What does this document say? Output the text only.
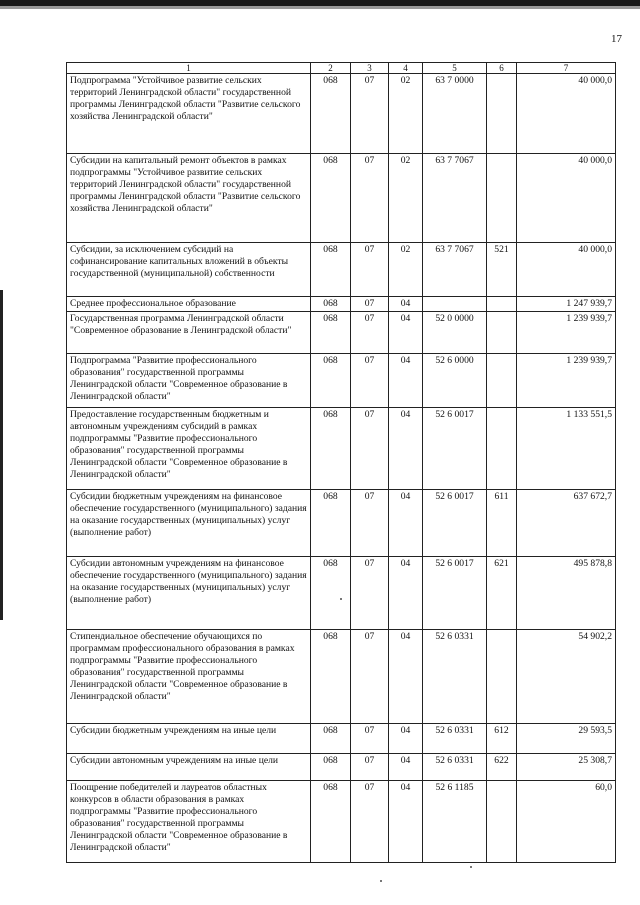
17
1	2	3	4	5	6	7
Подпрограмма "Устойчивое развитие сельских территорий Ленинградской области" государственной программы Ленинградской области "Развитие сельского хозяйства Ленинградской области"	068	07	02	63 7 0000		40 000,0
Субсидии на капитальный ремонт объектов в рамках подпрограммы "Устойчивое развитие сельских территорий Ленинградской области" государственной программы Ленинградской области "Развитие сельского хозяйства Ленинградской области"	068	07	02	63 7 7067		40 000,0
Субсидии, за исключением субсидий на софинансирование капитальных вложений в объекты государственной (муниципальной) собственности	068	07	02	63 7 7067	521	40 000,0
Среднее профессиональное образование	068	07	04			1 247 939,7
Государственная программа Ленинградской области "Современное образование в Ленинградской области"	068	07	04	52 0 0000		1 239 939,7
Подпрограмма "Развитие профессионального образования" государственной программы Ленинградской области "Современное образование в Ленинградской области"	068	07	04	52 6 0000		1 239 939,7
Предоставление государственным бюджетным и автономным учреждениям субсидий в рамках подпрограммы "Развитие профессионального образования" государственной программы Ленинградской области "Современное образование в Ленинградской области"	068	07	04	52 6 0017		1 133 551,5
Субсидии бюджетным учреждениям на финансовое обеспечение государственного (муниципального) задания на оказание государственных (муниципальных) услуг (выполнение работ)	068	07	04	52 6 0017	611	637 672,7
Субсидии автономным учреждениям на финансовое обеспечение государственного (муниципального) задания на оказание государственных (муниципальных) услуг (выполнение работ)	068	07	04	52 6 0017	621	495 878,8
Стипендиальное обеспечение обучающихся по программам профессионального образования в рамках подпрограммы "Развитие профессионального образования" государственной программы Ленинградской области "Современное образование в Ленинградской области"	068	07	04	52 6 0331		54 902,2
Субсидии бюджетным учреждениям на иные цели	068	07	04	52 6 0331	612	29 593,5
Субсидии автономным учреждениям на иные цели	068	07	04	52 6 0331	622	25 308,7
Поощрение победителей и лауреатов областных конкурсов в области образования в рамках подпрограммы "Развитие профессионального образования" государственной программы Ленинградской области "Современное образование в Ленинградской области"	068	07	04	52 6 1185		60,0
